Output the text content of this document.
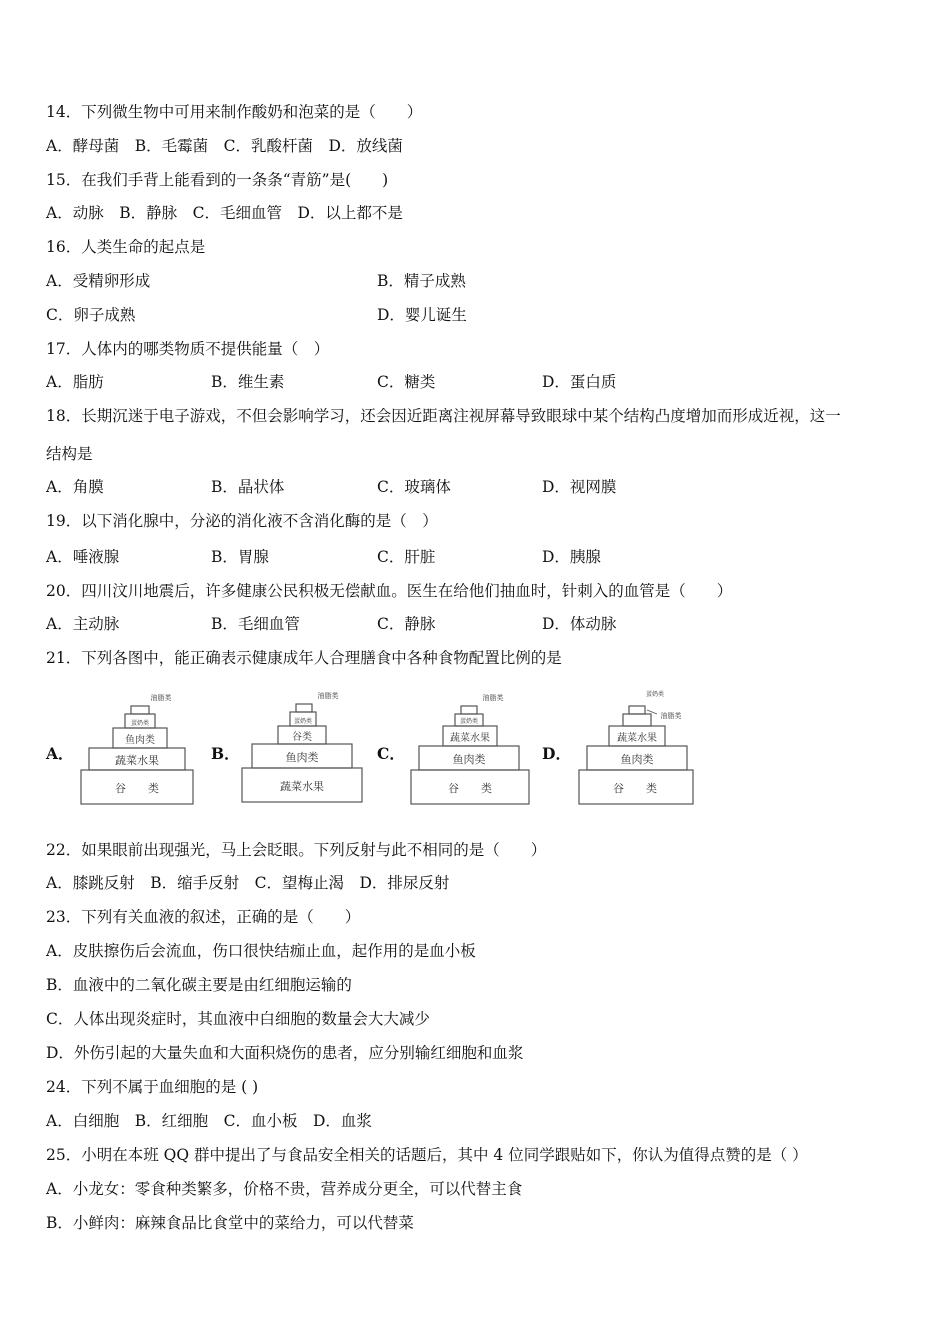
14．下列微生物中可用来制作酸奶和泡菜的是（　　）
A．酵母菌　B．毛霉菌　C．乳酸杆菌　D．放线菌
15．在我们手背上能看到的一条条“青筋”是(　　)
A．动脉　B．静脉　C．毛细血管　D．以上都不是
16．人类生命的起点是
A．受精卵形成	B．精子成熟
C．卵子成熟	D．婴儿诞生
17．人体内的哪类物质不提供能量（　）
A．脂肪	B．维生素	C．糖类	D．蛋白质
18．长期沉迷于电子游戏，不但会影响学习，还会因近距离注视屏幕导致眼球中某个结构凸度增加而形成近视，这一
结构是
A．角膜	B．晶状体	C．玻璃体	D．视网膜
19．以下消化腺中，分泌的消化液不含消化酶的是（　）
A．唾液腺	B．胃腺	C．肝脏	D．胰腺
20．四川汶川地震后，许多健康公民积极无偿献血。医生在给他们抽血时，针刺入的血管是（　　）
A．主动脉	B．毛细血管	C．静脉	D．体动脉
21．下列各图中，能正确表示健康成年人合理膳食中各种食物配置比例的是
A．
谷　　类
蔬菜水果
鱼肉类
蛋奶类
油脂类
B．
蔬菜水果
鱼肉类
谷类
蛋奶类
油脂类
C．
谷　　类
鱼肉类
蔬菜水果
蛋奶类
油脂类
D．
谷　　类
鱼肉类
蔬菜水果
蛋奶类
油脂类
22．如果眼前出现强光，马上会眨眼。下列反射与此不相同的是（　　）
A．膝跳反射　B．缩手反射　C．望梅止渴　D．排尿反射
23．下列有关血液的叙述，正确的是（　　）
A．皮肤擦伤后会流血，伤口很快结痂止血，起作用的是血小板
B．血液中的二氧化碳主要是由红细胞运输的
C．人体出现炎症时，其血液中白细胞的数量会大大减少
D．外伤引起的大量失血和大面积烧伤的患者，应分别输红细胞和血浆
24．下列不属于血细胞的是 ( )
A．白细胞　B．红细胞　C．血小板　D．血浆
25．小明在本班 QQ 群中提出了与食品安全相关的话题后，其中 4 位同学跟贴如下，你认为值得点赞的是（ ）
A．小龙女：零食种类繁多，价格不贵，营养成分更全，可以代替主食
B．小鲜肉：麻辣食品比食堂中的菜给力，可以代替菜
